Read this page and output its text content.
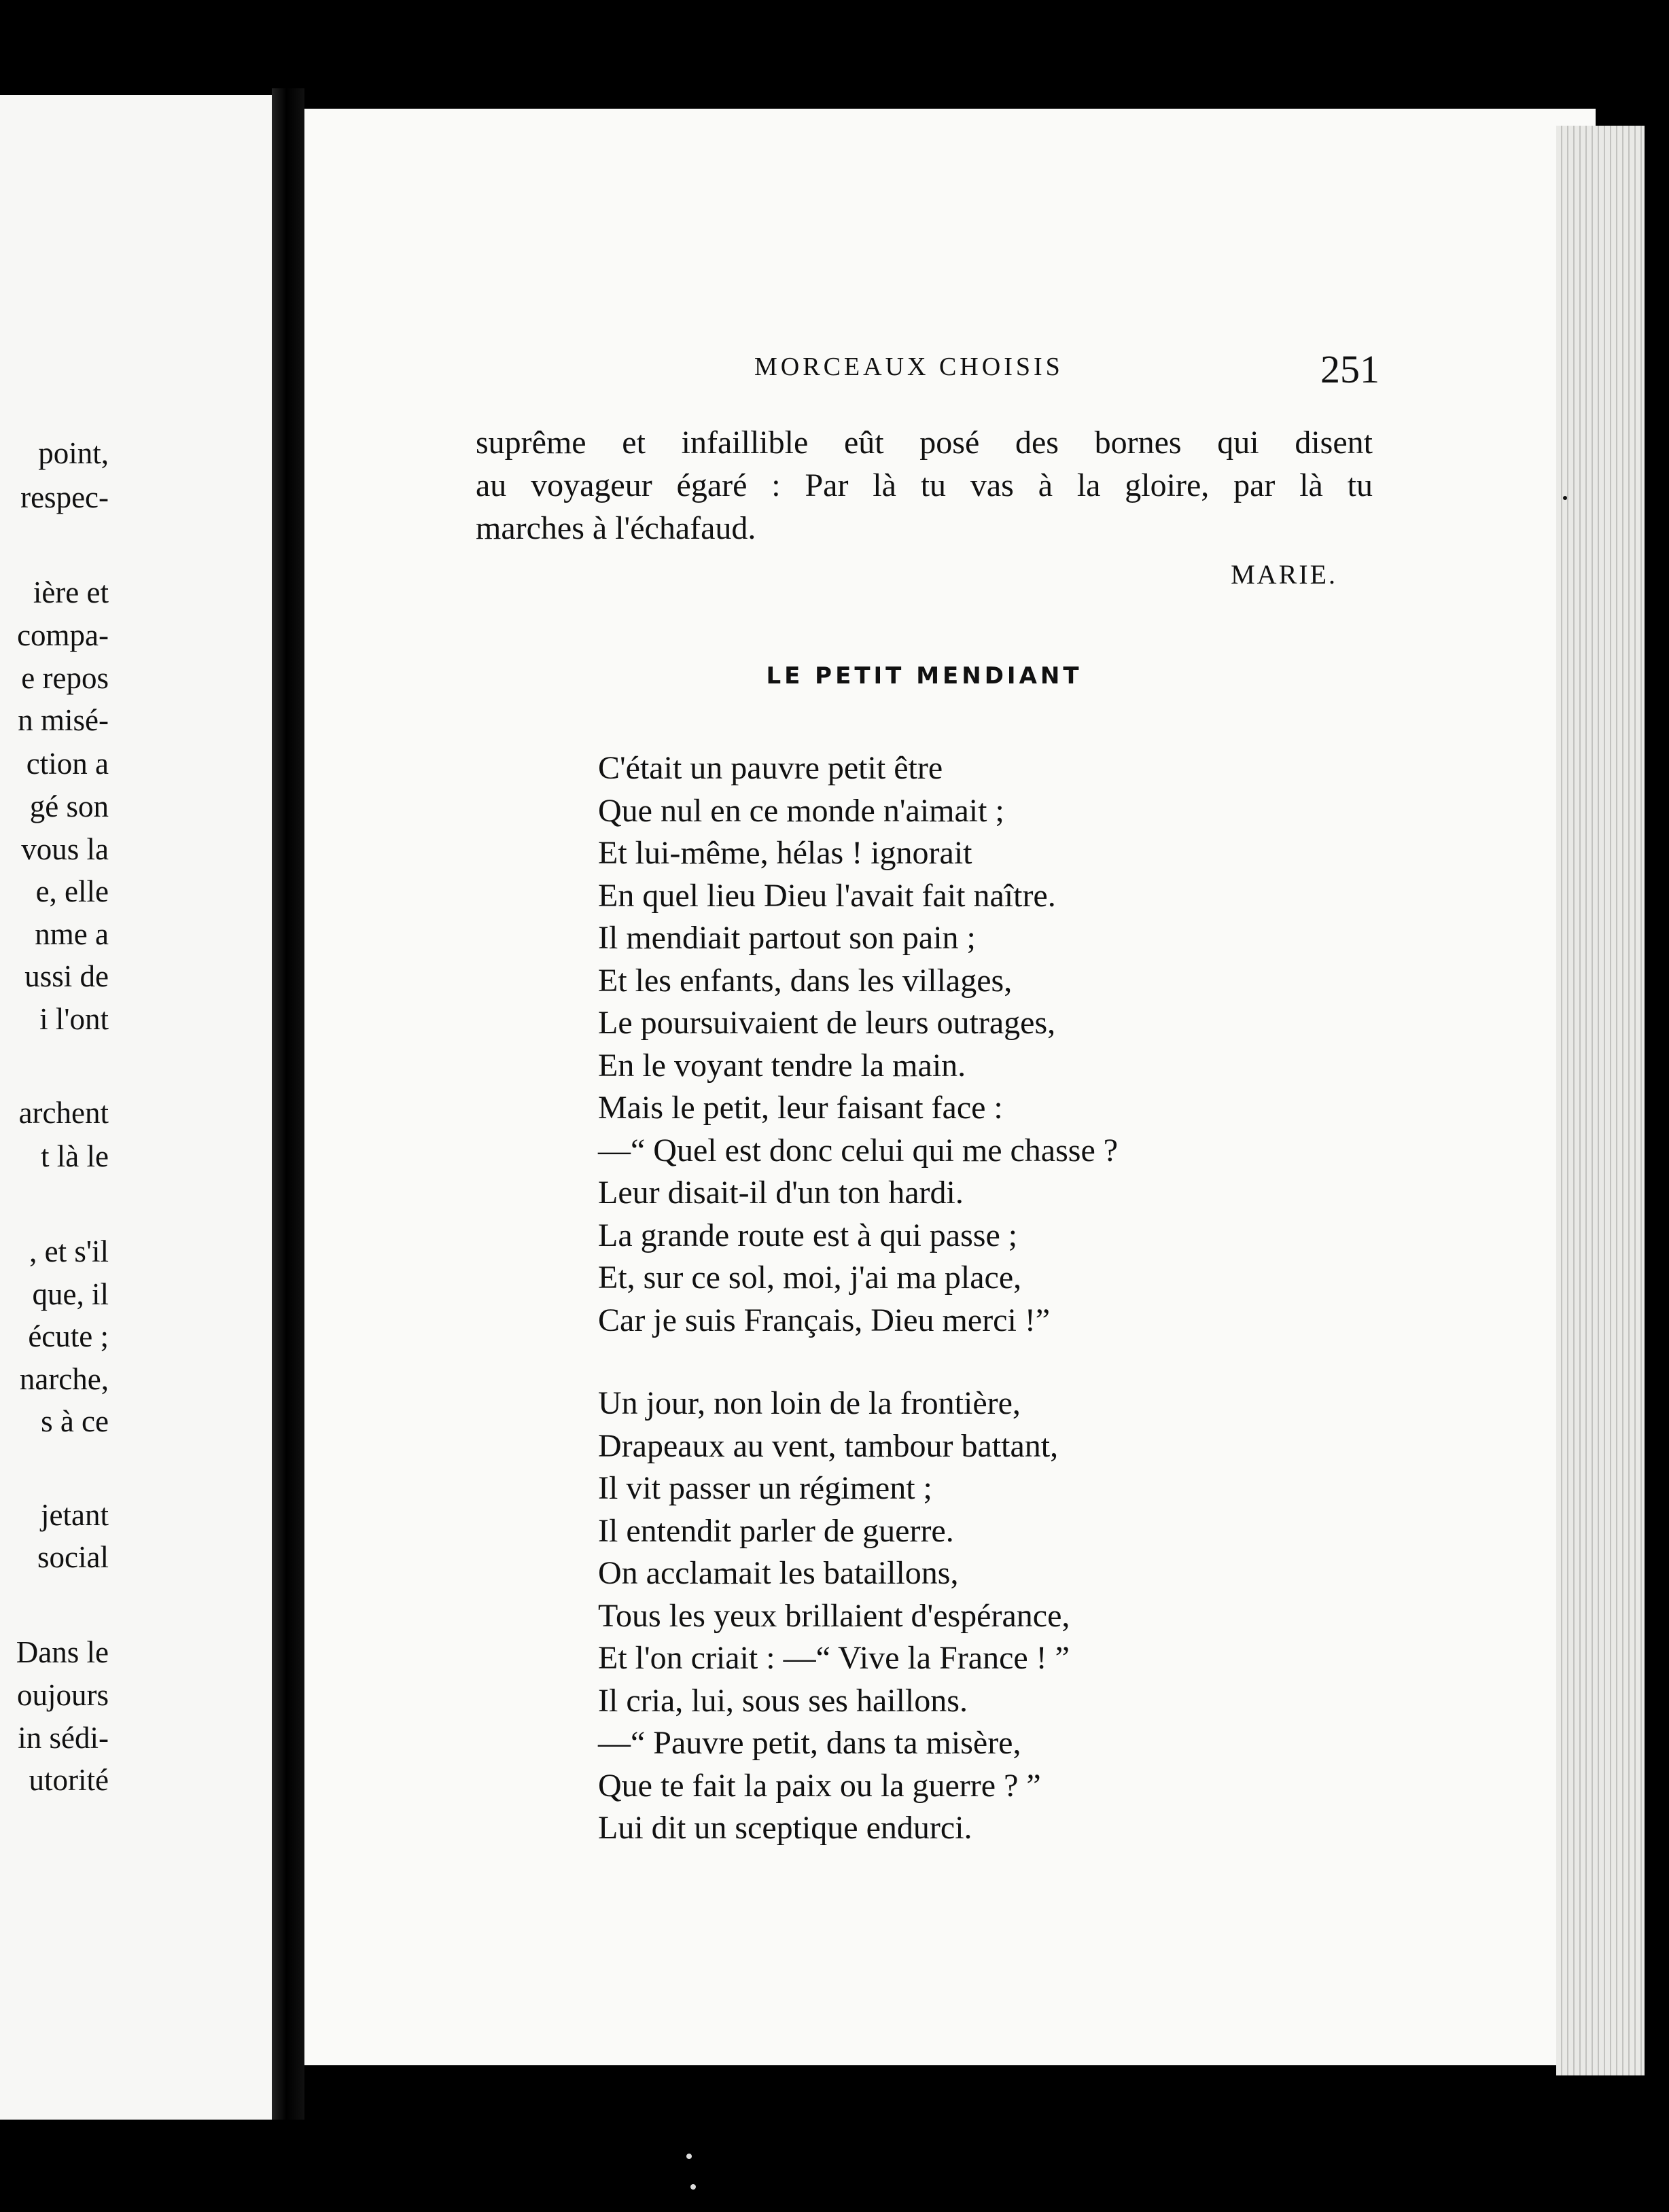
point,
respec-
ière et
compa-
e repos
n misé-
ction a
gé son
vous la
e, elle
nme a
ussi de
i l'ont
archent
t là le
, et s'il
que, il
écute ;
narche,
s à ce
jetant
social
Dans le
oujours
in sédi-
utorité
MORCEAUX CHOISIS	251
suprême et infaillible eût posé des bornes qui disent
au voyageur égaré : Par là tu vas à la gloire, par là tu
marches à l'échafaud.
MARIE.
LE PETIT MENDIANT
C'était un pauvre petit être
Que nul en ce monde n'aimait ;
Et lui-même, hélas ! ignorait
En quel lieu Dieu l'avait fait naître.
Il mendiait partout son pain ;
Et les enfants, dans les villages,
Le poursuivaient de leurs outrages,
En le voyant tendre la main.
Mais le petit, leur faisant face :
—“ Quel est donc celui qui me chasse ?
Leur disait-il d'un ton hardi.
La grande route est à qui passe ;
Et, sur ce sol, moi, j'ai ma place,
Car je suis Français, Dieu merci !”
Un jour, non loin de la frontière,
Drapeaux au vent, tambour battant,
Il vit passer un régiment ;
Il entendit parler de guerre.
On acclamait les bataillons,
Tous les yeux brillaient d'espérance,
Et l'on criait : —“ Vive la France ! ”
Il cria, lui, sous ses haillons.
—“ Pauvre petit, dans ta misère,
Que te fait la paix ou la guerre ? ”
Lui dit un sceptique endurci.
